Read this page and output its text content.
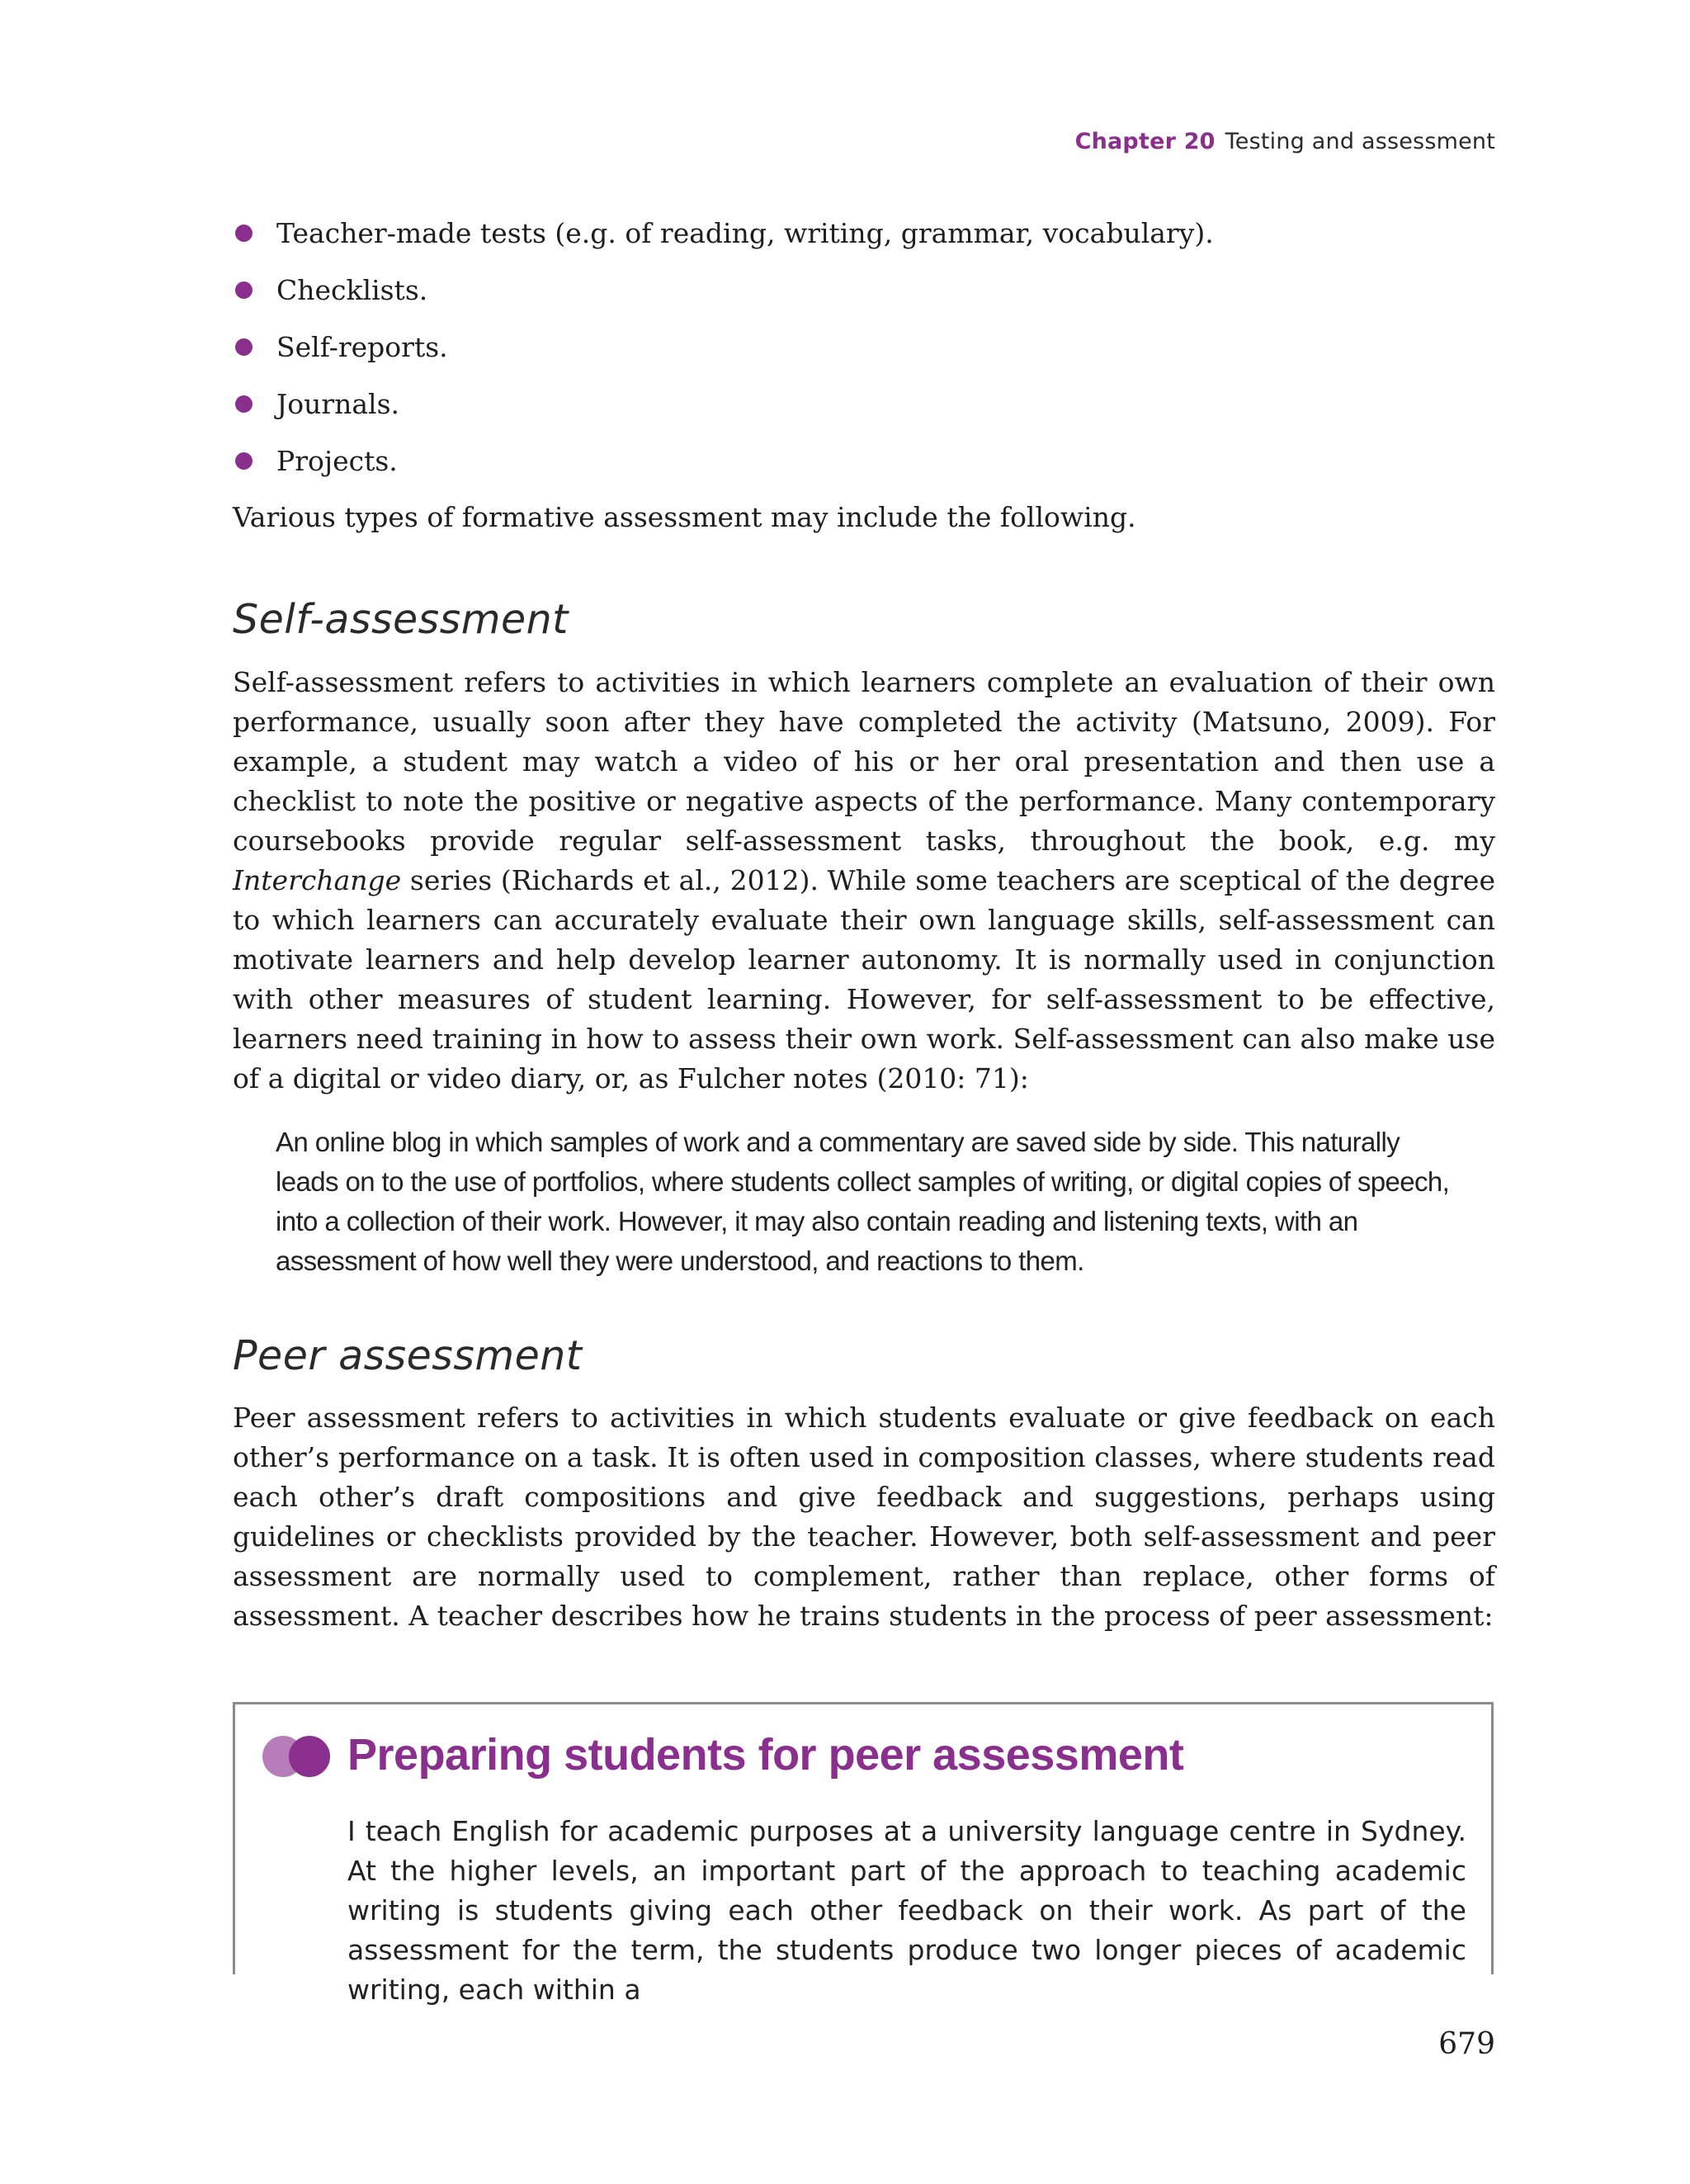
Chapter 20 Testing and assessment
Teacher-made tests (e.g. of reading, writing, grammar, vocabulary).
Checklists.
Self-reports.
Journals.
Projects.

Various types of formative assessment may include the following.

Self-assessment

Self-assessment refers to activities in which learners complete an evaluation of their own performance, usually soon after they have completed the activity (Matsuno, 2009). For example, a student may watch a video of his or her oral presentation and then use a checklist to note the positive or negative aspects of the performance. Many contemporary coursebooks provide regular self-assessment tasks, throughout the book, e.g. my Interchange series (Richards et al., 2012). While some teachers are sceptical of the degree to which learners can accurately evaluate their own language skills, self-assessment can motivate learners and help develop learner autonomy. It is normally used in conjunction with other measures of student learning. However, for self-assessment to be effective, learners need training in how to assess their own work. Self-assessment can also make use of a digital or video diary, or, as Fulcher notes (2010: 71):

An online blog in which samples of work and a commentary are saved side by side. This naturally leads on to the use of portfolios, where students collect samples of writing, or digital copies of speech, into a collection of their work. However, it may also contain reading and listening texts, with an assessment of how well they were understood, and reactions to them.

Peer assessment

Peer assessment refers to activities in which students evaluate or give feedback on each other’s performance on a task. It is often used in composition classes, where students read each other’s draft compositions and give feedback and suggestions, perhaps using guidelines or checklists provided by the teacher. However, both self-assessment and peer assessment are normally used to complement, rather than replace, other forms of assessment. A teacher describes how he trains students in the process of peer assessment:

Preparing students for peer assessment

I teach English for academic purposes at a university language centre in Sydney. At the higher levels, an important part of the approach to teaching academic writing is students giving each other feedback on their work. As part of the assessment for the term, the students produce two longer pieces of academic writing, each within a

679
